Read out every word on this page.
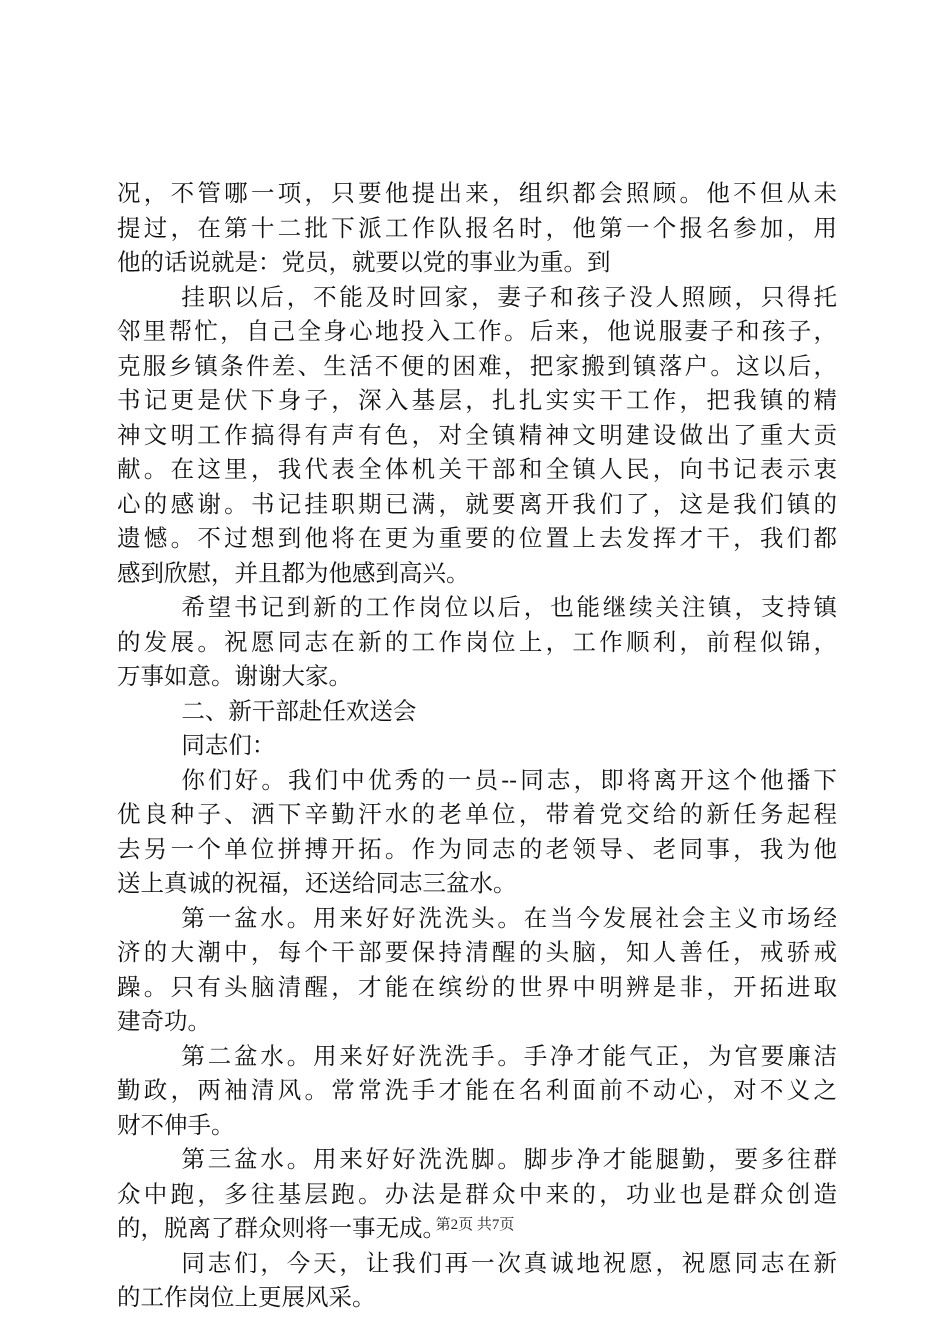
况，不管哪一项，只要他提出来，组织都会照顾。他不但从未
提过，在第十二批下派工作队报名时，他第一个报名参加，用
他的话说就是：党员，就要以党的事业为重。到
挂职以后，不能及时回家，妻子和孩子没人照顾，只得托
邻里帮忙，自己全身心地投入工作。后来，他说服妻子和孩子，
克服乡镇条件差、生活不便的困难，把家搬到镇落户。这以后，
书记更是伏下身子，深入基层，扎扎实实干工作，把我镇的精
神文明工作搞得有声有色，对全镇精神文明建设做出了重大贡
献。在这里，我代表全体机关干部和全镇人民，向书记表示衷
心的感谢。书记挂职期已满，就要离开我们了，这是我们镇的
遗憾。不过想到他将在更为重要的位置上去发挥才干，我们都
感到欣慰，并且都为他感到高兴。
希望书记到新的工作岗位以后，也能继续关注镇，支持镇
的发展。祝愿同志在新的工作岗位上，工作顺利，前程似锦，
万事如意。谢谢大家。
二、新干部赴任欢送会
同志们：
你们好。我们中优秀的一员--同志，即将离开这个他播下
优良种子、洒下辛勤汗水的老单位，带着党交给的新任务起程
去另一个单位拼搏开拓。作为同志的老领导、老同事，我为他
送上真诚的祝福，还送给同志三盆水。
第一盆水。用来好好洗洗头。在当今发展社会主义市场经
济的大潮中，每个干部要保持清醒的头脑，知人善任，戒骄戒
躁。只有头脑清醒，才能在缤纷的世界中明辨是非，开拓进取
建奇功。
第二盆水。用来好好洗洗手。手净才能气正，为官要廉洁
勤政，两袖清风。常常洗手才能在名利面前不动心，对不义之
财不伸手。
第三盆水。用来好好洗洗脚。脚步净才能腿勤，要多往群
众中跑，多往基层跑。办法是群众中来的，功业也是群众创造
的，脱离了群众则将一事无成。
同志们，今天，让我们再一次真诚地祝愿，祝愿同志在新
的工作岗位上更展风采。
第2页 共7页
